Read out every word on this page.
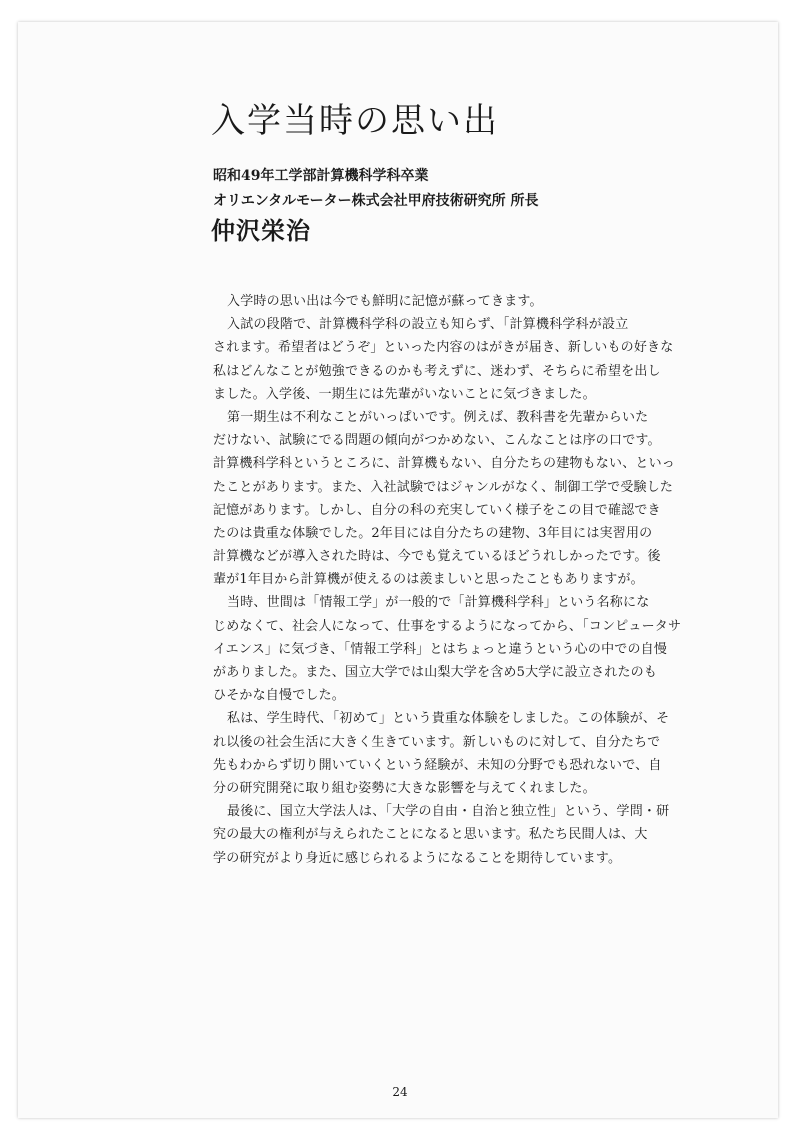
入学当時の思い出

昭和49年工学部計算機科学科卒業

オリエンタルモーター株式会社甲府技術研究所 所長

仲沢栄治

入学時の思い出は今でも鮮明に記憶が蘇ってきます。
入試の段階で、計算機科学科の設立も知らず、「計算機科学科が設立
されます。希望者はどうぞ」といった内容のはがきが届き、新しいもの好きな
私はどんなことが勉強できるのかも考えずに、迷わず、そちらに希望を出し
ました。入学後、一期生には先輩がいないことに気づきました。
第一期生は不利なことがいっぱいです。例えば、教科書を先輩からいた
だけない、試験にでる問題の傾向がつかめない、こんなことは序の口です。
計算機科学科というところに、計算機もない、自分たちの建物もない、といっ
たことがあります。また、入社試験ではジャンルがなく、制御工学で受験した
記憶があります。しかし、自分の科の充実していく様子をこの目で確認でき
たのは貴重な体験でした。2年目には自分たちの建物、3年目には実習用の
計算機などが導入された時は、今でも覚えているほどうれしかったです。後
輩が1年目から計算機が使えるのは羨ましいと思ったこともありますが。
当時、世間は「情報工学」が一般的で「計算機科学科」という名称にな
じめなくて、社会人になって、仕事をするようになってから、「コンピュータサ
イエンス」に気づき、「情報工学科」とはちょっと違うという心の中での自慢
がありました。また、国立大学では山梨大学を含め5大学に設立されたのも
ひそかな自慢でした。
私は、学生時代、「初めて」という貴重な体験をしました。この体験が、そ
れ以後の社会生活に大きく生きています。新しいものに対して、自分たちで
先もわからず切り開いていくという経験が、未知の分野でも恐れないで、自
分の研究開発に取り組む姿勢に大きな影響を与えてくれました。
最後に、国立大学法人は、「大学の自由・自治と独立性」という、学問・研
究の最大の権利が与えられたことになると思います。私たち民間人は、大
学の研究がより身近に感じられるようになることを期待しています。
24
